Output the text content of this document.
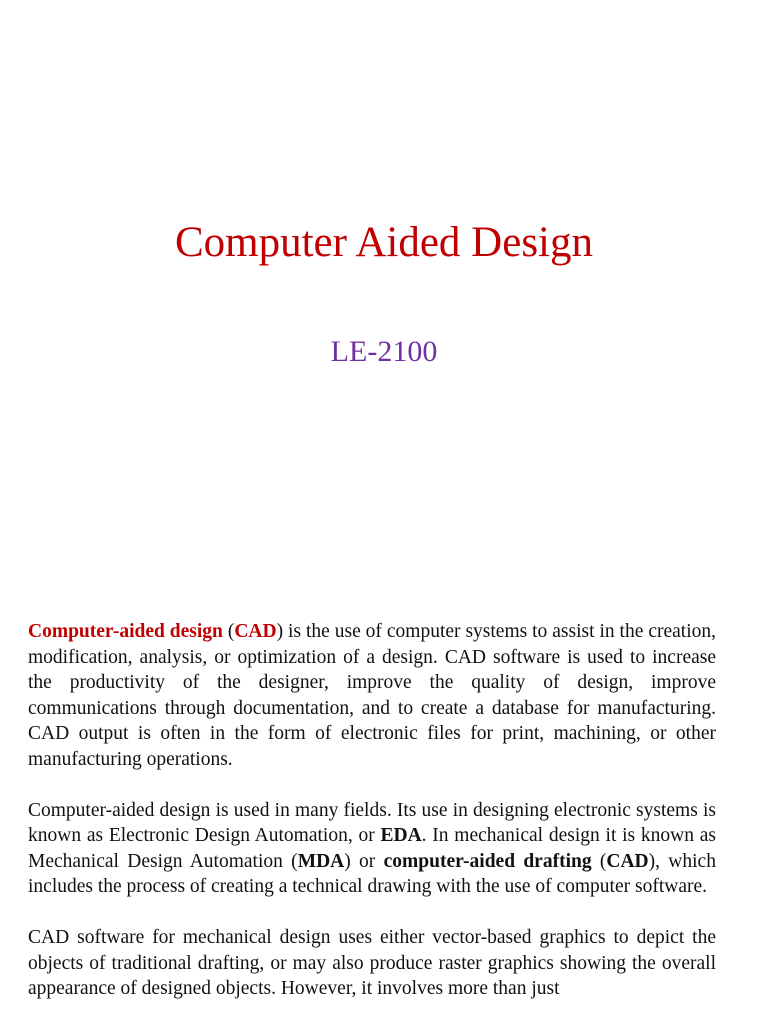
Computer Aided Design
LE-2100

Computer-aided design (CAD) is the use of computer systems to assist in the creation, modification, analysis, or optimization of a design. CAD software is used to increase the productivity of the designer, improve the quality of design, improve communications through documentation, and to create a database for manufacturing. CAD output is often in the form of electronic files for print, machining, or other manufacturing operations.

Computer-aided design is used in many fields. Its use in designing electronic systems is known as Electronic Design Automation, or EDA. In mechanical design it is known as Mechanical Design Automation (MDA) or computer-aided drafting (CAD), which includes the process of creating a technical drawing with the use of computer software.

CAD software for mechanical design uses either vector-based graphics to depict the objects of traditional drafting, or may also produce raster graphics showing the overall appearance of designed objects. However, it involves more than just
